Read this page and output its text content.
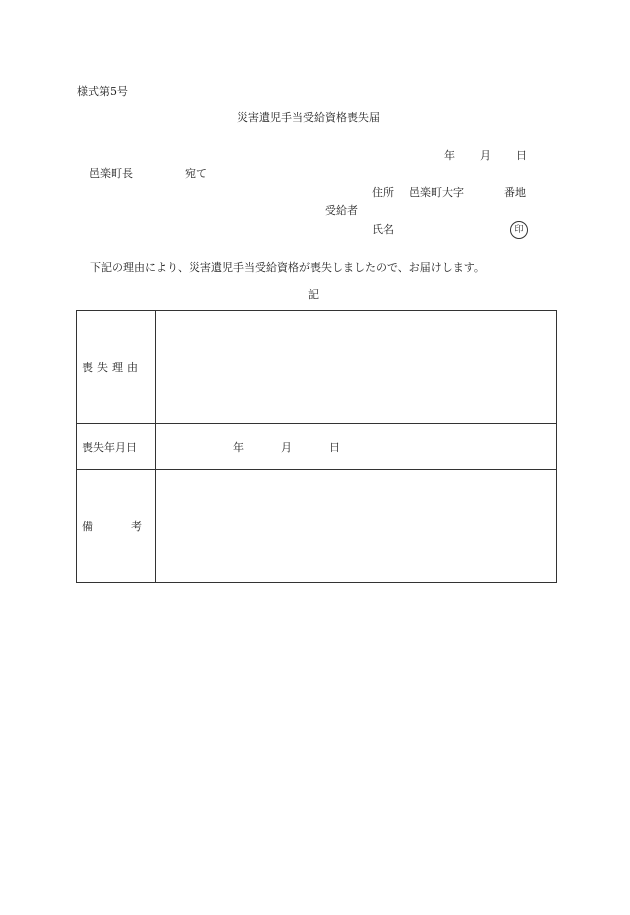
様式第5号
災害遺児手当受給資格喪失届
年 月 日
邑楽町長	宛て
住所 邑楽町大字	番地
受給者
氏名	印
下記の理由により、災害遺児手当受給資格が喪失しましたので、お届けします。
記
喪 失 理 由	

喪失年月日	年 月 日

備 考	
